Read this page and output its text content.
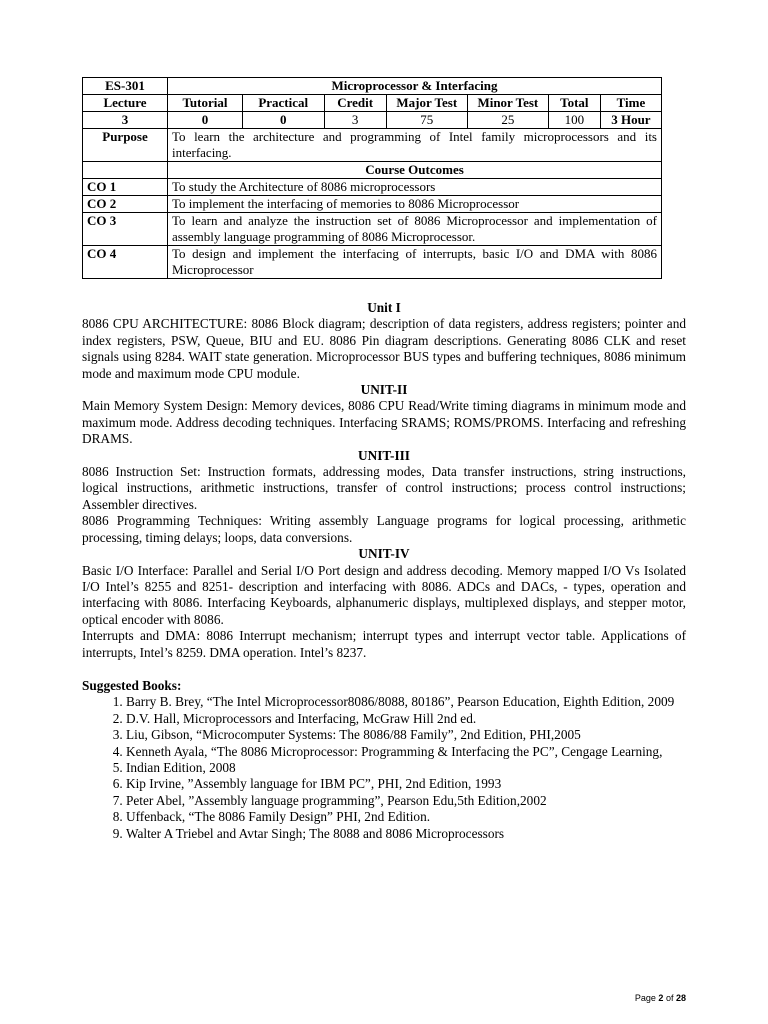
ES-301	Microprocessor & Interfacing						
Lecture	Tutorial	Practical	Credit	Major Test	Minor Test	Total	Time
3	0	0	3	75	25	100	3 Hour
Purpose	To learn the architecture and programming of Intel family microprocessors and its interfacing.						
	Course Outcomes						
CO 1	To study the Architecture of 8086 microprocessors						
CO 2	To implement the interfacing of memories to 8086 Microprocessor						
CO 3	To learn and analyze the instruction set of 8086 Microprocessor and implementation of assembly language programming of 8086 Microprocessor.						
CO 4	To design and implement the interfacing of interrupts, basic I/O and DMA with 8086 Microprocessor						
Unit I
8086 CPU ARCHITECTURE: 8086 Block diagram; description of data registers, address registers; pointer and index registers, PSW, Queue, BIU and EU. 8086 Pin diagram descriptions. Generating 8086 CLK and reset signals using 8284. WAIT state generation. Microprocessor BUS types and buffering techniques, 8086 minimum mode and maximum mode CPU module.
UNIT-II
Main Memory System Design: Memory devices, 8086 CPU Read/Write timing diagrams in minimum mode and maximum mode. Address decoding techniques. Interfacing SRAMS; ROMS/PROMS. Interfacing and refreshing DRAMS.
UNIT-III
8086 Instruction Set: Instruction formats, addressing modes, Data transfer instructions, string instructions, logical instructions, arithmetic instructions, transfer of control instructions; process control instructions; Assembler directives.
8086 Programming Techniques: Writing assembly Language programs for logical processing, arithmetic processing, timing delays; loops, data conversions.
UNIT-IV
Basic I/O Interface: Parallel and Serial I/O Port design and address decoding. Memory mapped I/O Vs Isolated I/O Intel’s 8255 and 8251- description and interfacing with 8086. ADCs and DACs, - types, operation and interfacing with 8086. Interfacing Keyboards, alphanumeric displays, multiplexed displays, and stepper motor, optical encoder with 8086.
Interrupts and DMA: 8086 Interrupt mechanism; interrupt types and interrupt vector table. Applications of interrupts, Intel’s 8259. DMA operation. Intel’s 8237.
Suggested Books:
1. Barry B. Brey, “The Intel Microprocessor8086/8088, 80186”, Pearson Education, Eighth Edition, 2009
2. D.V. Hall, Microprocessors and Interfacing, McGraw Hill 2nd ed.
3. Liu, Gibson, “Microcomputer Systems: The 8086/88 Family”, 2nd Edition, PHI,2005
4. Kenneth Ayala, “The 8086 Microprocessor: Programming & Interfacing the PC”, Cengage Learning,
5. Indian Edition, 2008
6. Kip Irvine, ”Assembly language for IBM PC”, PHI, 2nd Edition, 1993
7. Peter Abel, ”Assembly language programming”, Pearson Edu,5th Edition,2002
8. Uffenback, “The 8086 Family Design” PHI, 2nd Edition.
9. Walter A Triebel and Avtar Singh; The 8088 and 8086 Microprocessors
Page 2 of 28
